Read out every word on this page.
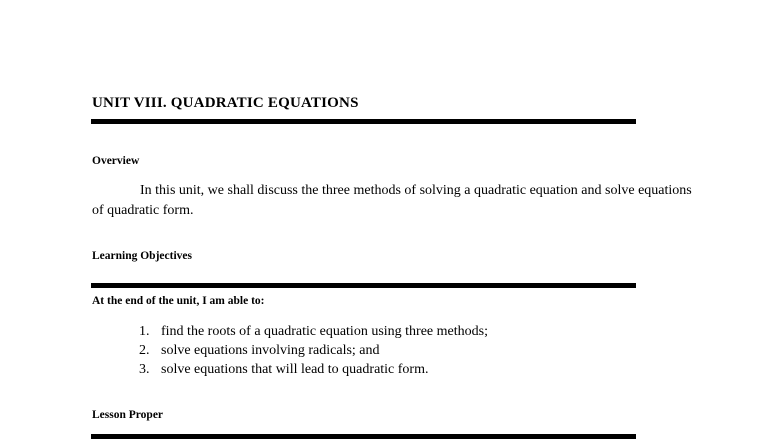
UNIT VIII. QUADRATIC EQUATIONS
Overview

In this unit, we shall discuss the three methods of solving a quadratic equation and solve equations of quadratic form.

Learning Objectives
At the end of the unit, I am able to:
1. find the roots of a quadratic equation using three methods;
2. solve equations involving radicals; and
3. solve equations that will lead to quadratic form.
Lesson Proper
